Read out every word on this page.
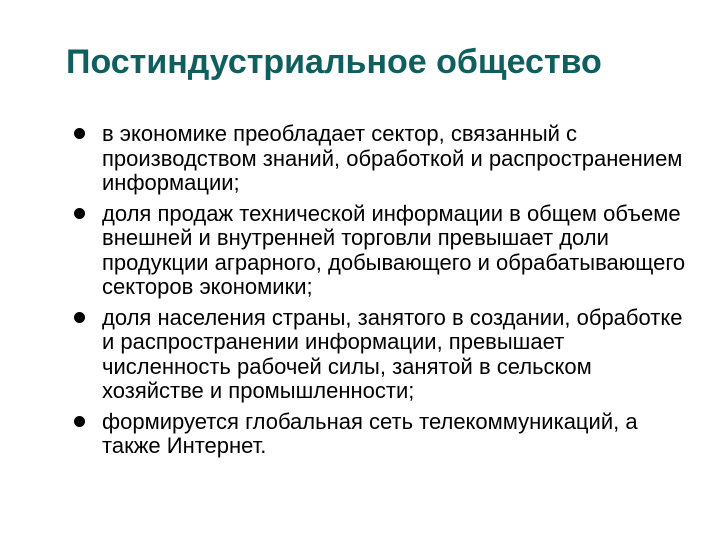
Постиндустриальное общество
в экономике преобладает сектор, связанный с производством знаний, обработкой и распространением информации;
доля продаж технической информации в общем объеме внешней и внутренней торговли превышает доли продукции аграрного, добывающего и обрабатывающего секторов экономики;
доля населения страны, занятого в создании, обработке и распространении информации, превышает численность рабочей силы, занятой в сельском хозяйстве и промышленности;
формируется глобальная сеть телекоммуникаций, а также Интернет.
